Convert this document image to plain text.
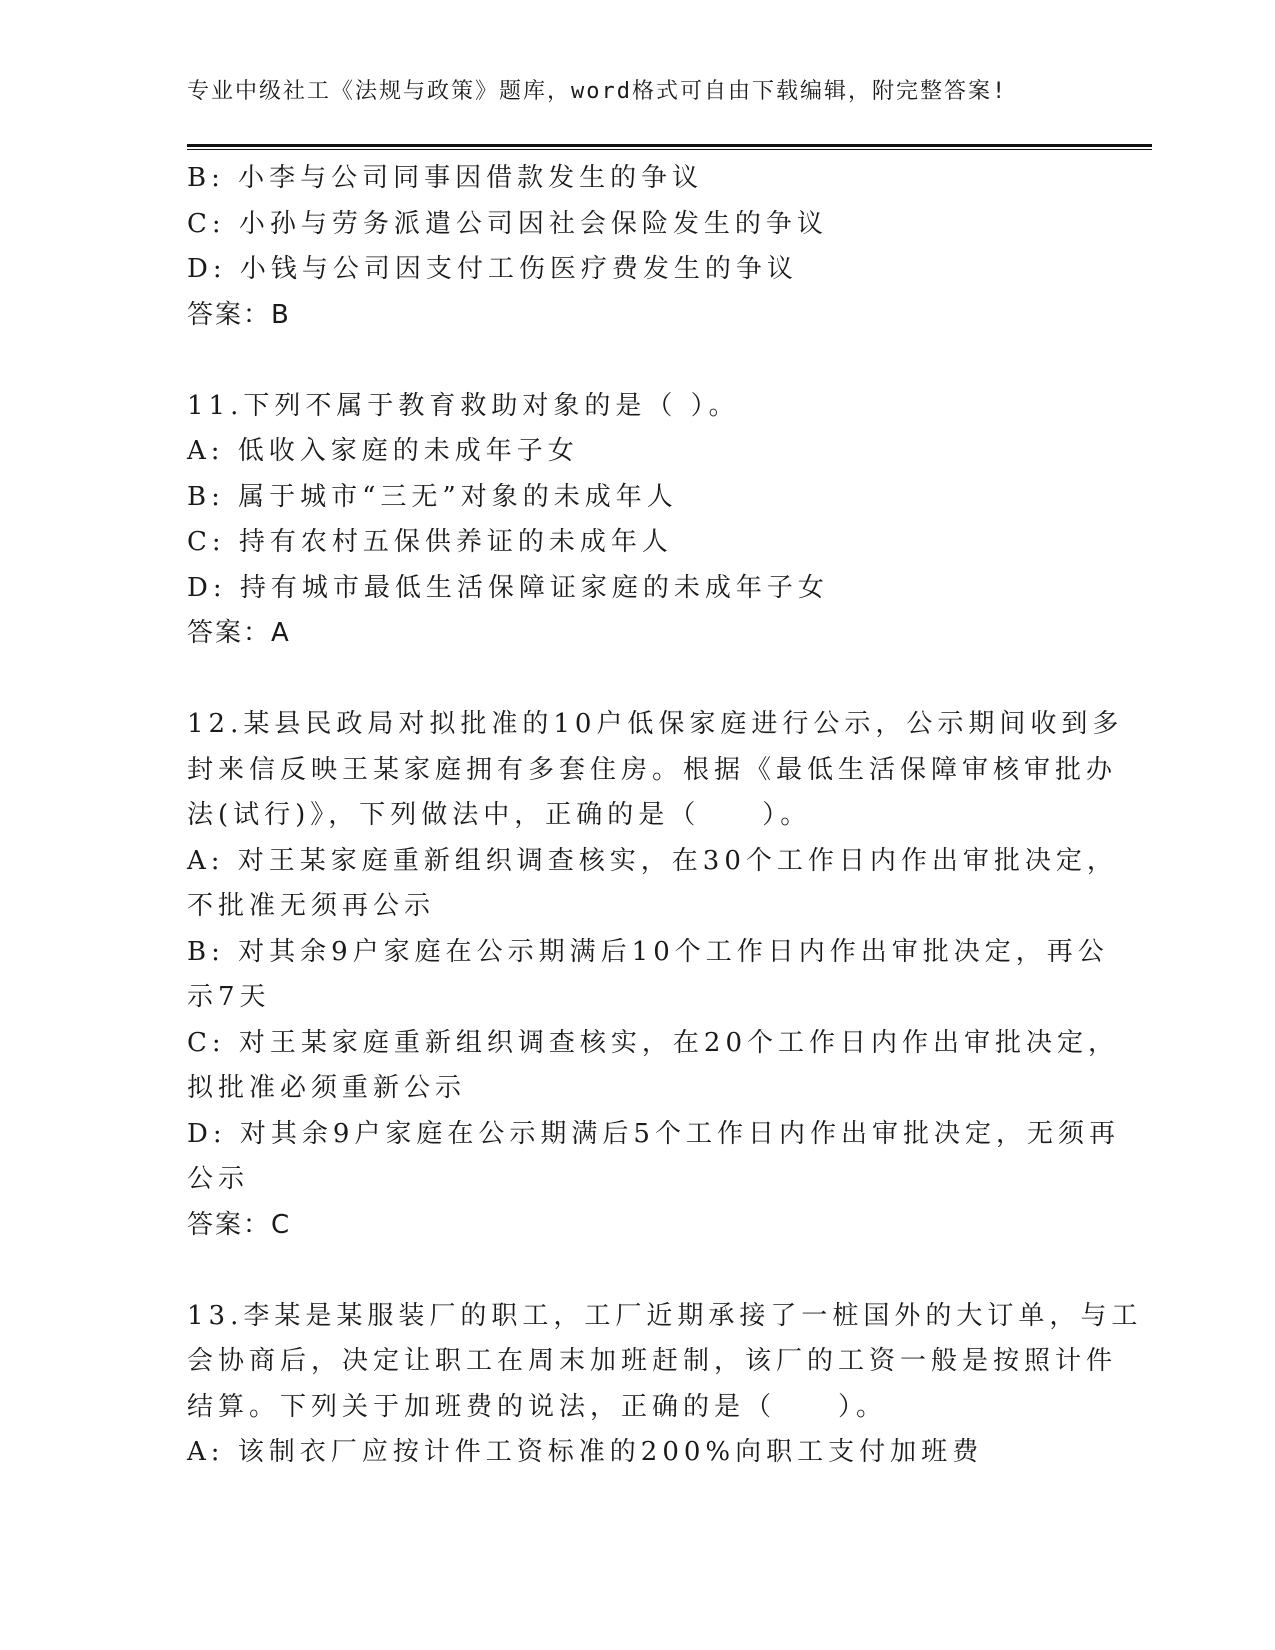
专业中级社工《法规与政策》题库，word格式可自由下载编辑，附完整答案!
B: 小李与公司同事因借款发生的争议
C: 小孙与劳务派遣公司因社会保险发生的争议
D: 小钱与公司因支付工伤医疗费发生的争议
答案：B
11.下列不属于教育救助对象的是（ ）。
A: 低收入家庭的未成年子女
B: 属于城市“三无”对象的未成年人
C: 持有农村五保供养证的未成年人
D: 持有城市最低生活保障证家庭的未成年子女
答案：A
12.某县民政局对拟批准的10户低保家庭进行公示，公示期间收到多
封来信反映王某家庭拥有多套住房。根据《最低生活保障审核审批办
法(试行)》，下列做法中，正确的是（　　）。
A: 对王某家庭重新组织调查核实，在30个工作日内作出审批决定，
不批准无须再公示
B: 对其余9户家庭在公示期满后10个工作日内作出审批决定，再公
示7天
C: 对王某家庭重新组织调查核实，在20个工作日内作出审批决定，
拟批准必须重新公示
D: 对其余9户家庭在公示期满后5个工作日内作出审批决定，无须再
公示
答案：C
13.李某是某服装厂的职工，工厂近期承接了一桩国外的大订单，与工
会协商后，决定让职工在周末加班赶制，该厂的工资一般是按照计件
结算。下列关于加班费的说法，正确的是（　　）。
A: 该制衣厂应按计件工资标准的200%向职工支付加班费
